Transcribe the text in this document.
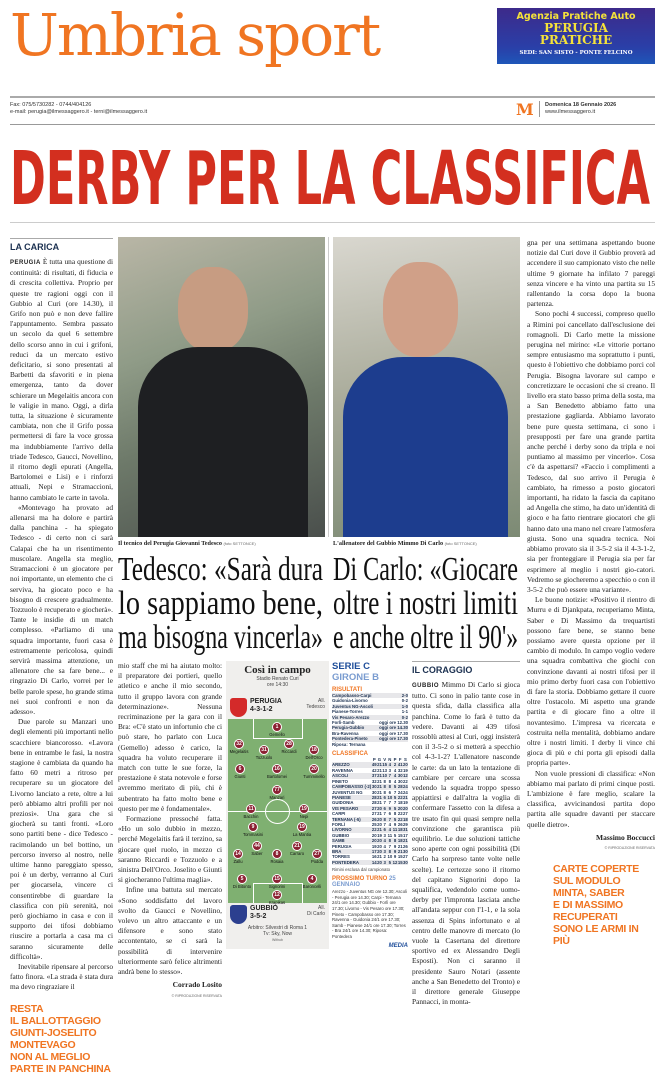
Umbria sport	Agenzia Pratiche Auto
PERUGIA
PRATICHE
SEDI: SAN SISTO - PONTE FELCINO
Fax: 075/5730282 - 0744/404126
e-mail: perugia@ilmessaggero.it - terni@ilmessaggero.it	M Domenica 18 Gennaio 2026
www.ilmessaggero.it
DERBY PER LA CLASSIFICA
LA CARICA

PERUGIA È tutta una questione di continuità: di risultati, di fiducia e di crescita collettiva. Proprio per queste tre ragioni oggi con il Gubbio al Curi (ore 14.30), il Grifo non può e non deve fallire l'appuntamento. Sembra passato un secolo da quel 6 settembre dello scorso anno in cui i grifoni, reduci da un mercato estivo deficitario, si sono presentati al Barbetti da sfavoriti e in piena emergenza, tanto da dover schierare un Megelaitis ancora con le valigie in mano. Oggi, a dirla tutta, la situazione è sicuramente cambiata, non che il Grifo possa permettersi di fare la voce grossa ma indubbiamente l'arrivo della triade Tedesco, Gaucci, Novellino, il ritorno degli epurati (Angella, Bartolomei e Lisi) e i rinforzi attuali, Nepi e Stramaccioni, hanno cambiato le carte in tavola.

«Montevago ha provato ad allenarsi ma ha dolore e partirà dalla panchina - ha spiegato Tedesco - di certo non ci sarà Calapai che ha un risentimento muscolare. Angella sta meglio, Stramaccioni è un giocatore per noi importante, un elemento che ci serviva, ha giocato poco e ha bisogno di crescere gradualmente. Tozzuolo è recuperato e giocherà». Tante le insidie di un match complesso. «Parliamo di una squadra importante, fuori casa è estremamente pericolosa, quindi servirà massima attenzione, un allenatore che sa fare bene... e ringrazio Di Carlo, vorrei per le belle parole spese, ho grande stima nei suoi confronti e non da adesso».

Due parole su Manzari uno degli elementi più importanti nello scacchiere biancorosso. «Lavora bene in entrambe le fasi, la nostra stagione è cambiata da quando ha fatto 60 metri a ritroso per recuperare su un giocatore del Livorno lanciato a rete, oltre a lui però abbiamo altri profili per noi preziosi». Una gara che si giocherà su tanti fronti. «Loro sono partiti bene - dice Tedesco - racimolando un bel bottino, un percorso inverso al nostro, nelle ultime hanno pareggiato spesso, poi è un derby, verranno al Curi per giocarsela, vincere ci consentirebbe di guardare la classifica con più serenità, noi però giochiamo in casa e con il supporto dei tifosi dobbiamo riuscire a portarla a casa ma ci saranno sicuramente delle difficoltà».

Inevitabile ripensare al percorso fatto finora. «La strada è stata dura ma devo ringraziare il

RESTA
IL BALLOTTAGGIO
GIUNTI-JOSELITO
MONTEVAGO
NON AL MEGLIO
PARTE IN PANCHINA
Il tecnico del Perugia Giovanni Tedesco (foto SETTONCE)	L'allenatore del Gubbio Mimmo Di Carlo (foto SETTONCE)
Tedesco: «Sarà dura
lo sappiamo bene,
ma bisogna vincerla»
Di Carlo: «Giocare
oltre i nostri limiti
e anche oltre il 90'»

mio staff che mi ha aiutato molto: il preparatore dei portieri, quello atletico e anche il mio secondo, tutto il gruppo lavora con grande determinazione». Nessuna recriminazione per la gara con il Bra: «C'è stato un infortunio che ci può stare, ho parlato con Luca (Gemello) adesso è carico, la squadra ha voluto recuperare il match con tutte le sue forze, la prestazione è stata notevole e forse avremmo meritato di più, chi è subentrato ha fatto molto bene e questo per me è fondamentale».

Formazione pressoché fatta. «Ho un solo dubbio in mezzo, perché Megelaitis farà il terzino, sa giocare quel ruolo, in mezzo ci saranno Riccardi e Tozzuolo e a sinistra Dell'Orco. Joselito e Giunti si giocheranno l'ultima maglia».

Infine una battuta sul mercato «Sono soddisfatto del lavoro svolto da Gaucci e Novellino, volevo un altro attaccante e un difensore e sono stato accontentato, se ci sarà la possibilità di intervenire ulteriormente sarò felice altrimenti andrà bene lo stesso».

Corrado Losito
© RIPRODUZIONE RISERVATA
Così in campo
Stadio Renato Curi
ore 14:30
PERUGIA
4-3-1-2
All.
Tedesco
1
Gemello
32
Megelaitis	31
Tozzuolo
28
Riccardi	18
Dell'Orco
6
Giunti
16
Bartolomei
20
Tumminello
77
Manzari
11
Bacchin
19
Nepi
9
Tommasini
19
La Mantia
14
Zallu
44
Saber	8
Rosaia
21
Carraro	27
Podda
5
Di Bitonto
15
Signorini
4
Baroncelli
12
Krapikas
GUBBIO
3-5-2
All.
Di Carlo
Arbitro: Silvestri di Roma 1
Tv: Sky, Now
Withub
SERIE C GIRONE B
RISULTATI
Campobasso-Carpi	2-0
Guidonia-Livorno	0-2
Juventus NG-Ascoli	1-0
Pianese-Torres	1-1
Vis Pesaro-Arezzo	0-2
Forlì-Samb	oggi ore 12.30
Perugia-Gubbio	oggi ore 14.30
Bra-Ravenna	oggi ore 17.30
Pontedera-Pineto	oggi ore 17.30
Riposa: Ternana
CLASSIFICA
P G V N P F S
AREZZO	49 21 15 4 2 41 20
RAVENNA	42 21 13 3 4 32 19
ASCOLI	37 21 10 7 4 30 12
PINETO	32 21 8 8 4 30 22
CAMPOBASSO (-2) 30 21 8 8 5 28 24
JUVENTUS NG	30 21 8 6 7 24 24
PIANESE	28 21 6 10 5 22 21
GUIDONIA	28 21 7 7 7 18 19
VIS PESARO	27 20 6 9 5 20 20
CARPI	27 21 7 6 8 22 27
TERNANA (-5)	26 20 8 7 5 22 18
FORLÌ	25 20 7 4 9 26 29
LIVORNO	22 21 6 4 11 18 31
GUBBIO	20 19 3 11 5 15 17
SAMB	20 20 4 8 8 18 21
PERUGIA	19 20 4 7 9 21 26
BRA	17 20 3 8 9 21 30
TORRES	16 21 2 10 9 15 27
PONTEDERA	14 20 3 5 12 15 30
Rimini esclusa dal campionato
PROSSIMO TURNO 25 GENNAIO
Arezzo - Juventus NG ore 12.30; Ascoli - Perugia ore 14.30; Carpi - Ternana 24/1 ore 14.30; Gubbio - Forlì ore 17.30; Livorno - Vis Pesaro ore 17.30; Pineto - Campobasso ore 17.30; Ravenna - Guidonia 24/1 ore 17.30; Samb - Pianese 24/1 ore 17.30; Torres - Bra 24/1 ore 14.30; Riposa: Pontedera
MEDIA
IL CORAGGIO

GUBBIO Mimmo Di Carlo si gioca tutto. Ci sono in palio tante cose in questa sfida, dalla classifica alla panchina. Come lo farà è tutto da vedere. Davanti ai 439 tifosi rossoblù attesi al Curi, oggi insisterà con il 3-5-2 o si metterà a specchio col 4-3-1-2? L'allenatore nasconde le carte: da un lato la tentazione di cambiare per cercare una scossa vedendo la squadra troppo spesso appiattirsi e dall'altra la voglia di confermare l'assetto con la difesa a tre usato fin qui quasi sempre nella convinzione che garantisca più equilibrio. Le due soluzioni tattiche sono aperte con ogni possibilità (Di Carlo ha sorpreso tante volte nelle scelte). Le certezze sono il ritorno del capitano Signorini dopo la squalifica, vedendolo come uomo-derby per l'impronta lasciata anche all'andata seppur con l'1-1, e la sola assenza di Spins infortunato e al centro delle manovre di mercato (lo vuole la Casertana del direttore sportivo ed ex Alessandro Degli Esposti). Non ci saranno il presidente Sauro Notari (assente anche a San Benedetto del Tronto) e il direttore generale Giuseppe Pannacci, in monta-

gna per una settimana aspettando buone notizie dal Curi dove il Gubbio proverà ad accendere il suo campionato visto che nelle ultime 9 giornate ha infilato 7 pareggi senza vincere e ha vinto una partita su 15 rallentando la corsa dopo la buona partenza.

Sono pochi 4 successi, compreso quello a Rimini poi cancellato dall'esclusione dei romagnoli. Di Carlo mette la missione perugina nel mirino: «Le vittorie portano sempre entusiasmo ma soprattutto i punti, questo è l'obiettivo che dobbiamo porci col Perugia. Bisogna lavorare sul campo e concretizzare le occasioni che si creano. Il livello era stato basso prima della sosta, ma a San Benedetto abbiamo fatto una prestazione gagliarda. Abbiamo lavorato bene pure questa settimana, ci sono i presupposti per fare una grande partita anche perché i derby sono da tripla e noi puntiamo al massimo per vincerlo». Cosa c'è da aspettarsi? «Faccio i complimenti a Tedesco, dal suo arrivo il Perugia è cambiato, ha rimesso a posto giocatori importanti, ha ridato la fascia da capitano ad Angella che stimo, ha dato un'identità di gioco e ha fatto rientrare giocatori che gli hanno dato una mano nel creare l'atmosfera giusta. Sono una squadra tecnica. Noi abbiamo provato sia il 3-5-2 sia il 4-3-1-2, sia per fronteggiare il Perugia sia per far esprimere al meglio i nostri gio-catori. Vedremo se giocheremo a specchio o con il 3-5-2 che può essere una variante».

Le buone notizie: «Positivo il rientro di Murru e di Djankpata, recuperiamo Minta, Saber e Di Massimo da trequartisti possono fare bene, se stanno bene possiamo avere questa opzione per il cambio di modulo. In campo voglio vedere una squadra combattiva che giochi con convinzione davanti ai nostri tifosi per il mio primo derby fuori casa con l'obiettivo di fare la storia. Dobbiamo gettare il cuore oltre l'ostacolo. Mi aspetto una grande partita e di giocare fino a oltre il novantesimo. L'impresa va ricercata e costruita nella mentalità, dobbiamo andare oltre i nostri limiti. I derby li vince chi gioca di più e chi porta gli episodi dalla propria parte».

Non vuole pressioni di classifica: «Non abbiamo mai parlato di primi cinque posti. L'ambizione è fare meglio, scalare la classifica, avvicinandosi partita dopo partita alle squadre davanti per staccare quelle dietro».

Massimo Boccucci
© RIPRODUZIONE RISERVATA
CARTE COPERTE
SUL MODULO
MINTA, SABER
E DI MASSIMO
RECUPERATI
SONO LE ARMI IN PIÙ
